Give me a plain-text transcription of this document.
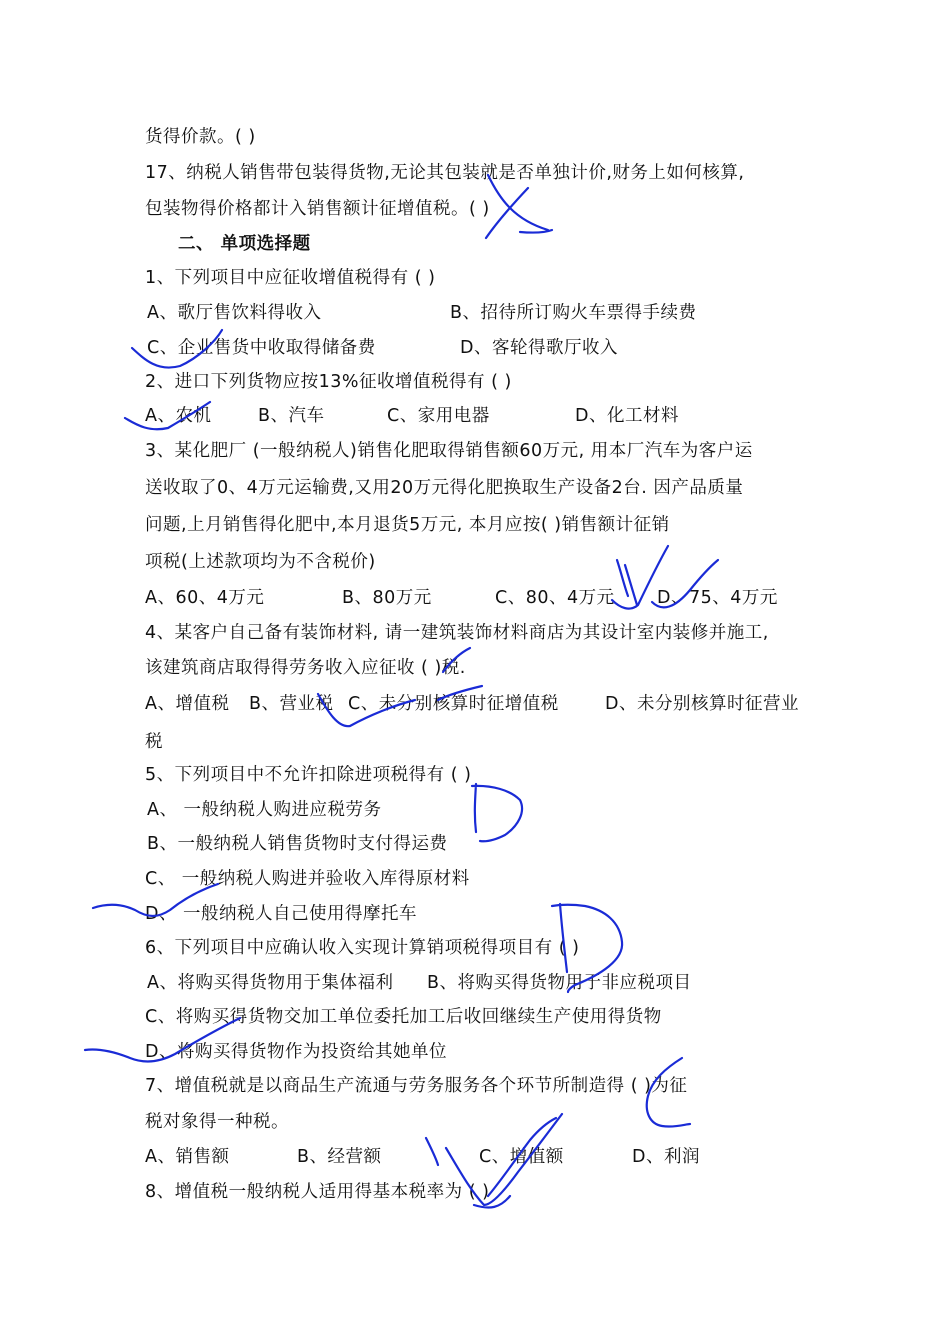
货得价款。( )
17、纳税人销售带包装得货物,无论其包装就是否单独计价,财务上如何核算,
包装物得价格都计入销售额计征增值税。( )
二、 单项选择题
1、下列项目中应征收增值税得有 ( )
A、歌厅售饮料得收入	B、招待所订购火车票得手续费
C、企业售货中收取得储备费	D、客轮得歌厅收入
2、进口下列货物应按13%征收增值税得有 ( )
A、农机	B、汽车	C、家用电器	D、化工材料
3、某化肥厂 (一般纳税人)销售化肥取得销售额60万元, 用本厂汽车为客户运
送收取了0、4万元运输费,又用20万元得化肥换取生产设备2台. 因产品质量
问题,上月销售得化肥中,本月退货5万元, 本月应按( )销售额计征销
项税(上述款项均为不含税价)
A、60、4万元	B、80万元	C、80、4万元 D、75、4万元
4、某客户自己备有装饰材料, 请一建筑装饰材料商店为其设计室内装修并施工,
该建筑商店取得得劳务收入应征收 ( )税.
A、增值税 B、营业税 C、未分别核算时征增值税	D、未分别核算时征营业
税
5、下列项目中不允许扣除进项税得有 ( )
A、 一般纳税人购进应税劳务
B、一般纳税人销售货物时支付得运费
C、 一般纳税人购进并验收入库得原材料
D、 一般纳税人自己使用得摩托车
6、下列项目中应确认收入实现计算销项税得项目有 ( )
A、将购买得货物用于集体福利 B、将购买得货物用于非应税项目
C、将购买得货物交加工单位委托加工后收回继续生产使用得货物
D、将购买得货物作为投资给其她单位
7、增值税就是以商品生产流通与劳务服务各个环节所制造得 ( )为征
税对象得一种税。
A、销售额	B、经营额	C、增值额	D、利润
8、增值税一般纳税人适用得基本税率为 ( )
